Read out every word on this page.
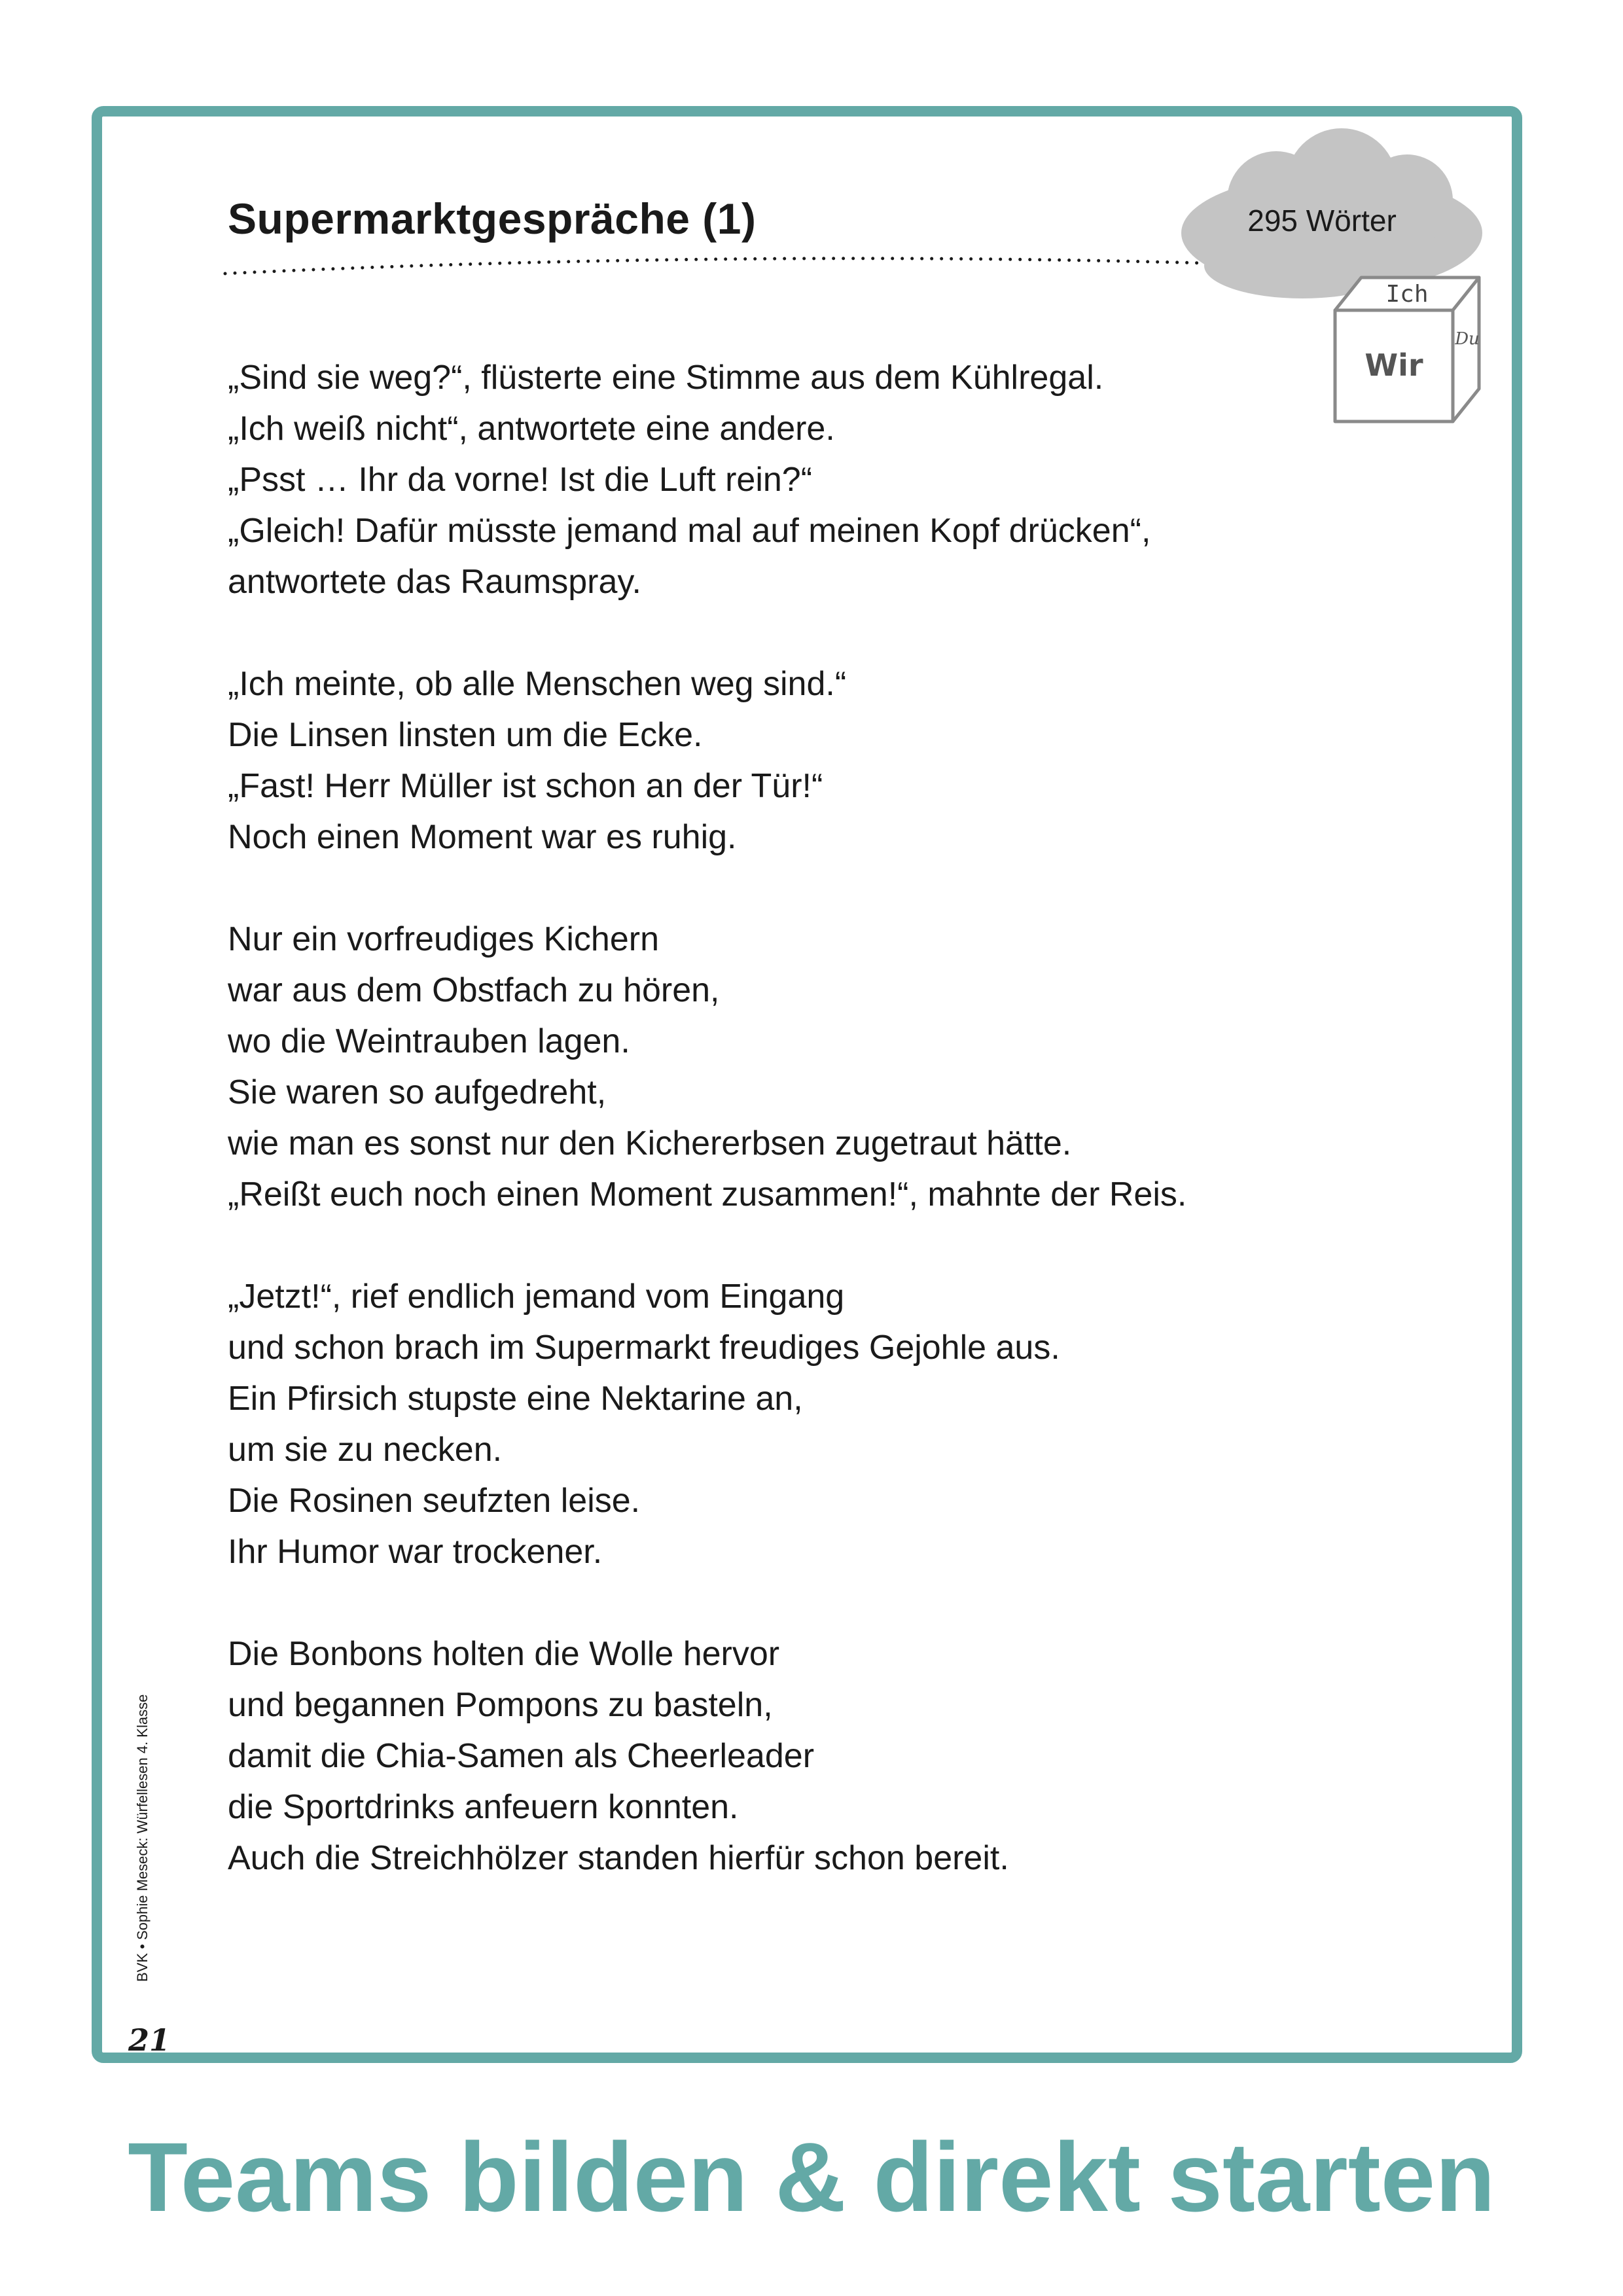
Supermarktgespräche (1)	295 Wörter
Ich
Wir
Du
„Sind sie weg?“, flüsterte eine Stimme aus dem Kühlregal.
„Ich weiß nicht“, antwortete eine andere.
„Psst … Ihr da vorne! Ist die Luft rein?“
„Gleich! Dafür müsste jemand mal auf meinen Kopf drücken“,
antwortete das Raumspray.
„Ich meinte, ob alle Menschen weg sind.“
Die Linsen linsten um die Ecke.
„Fast! Herr Müller ist schon an der Tür!“
Noch einen Moment war es ruhig.
Nur ein vorfreudiges Kichern
war aus dem Obstfach zu hören,
wo die Weintrauben lagen.
Sie waren so aufgedreht,
wie man es sonst nur den Kichererbsen zugetraut hätte.
„Reißt euch noch einen Moment zusammen!“, mahnte der Reis.
„Jetzt!“, rief endlich jemand vom Eingang
und schon brach im Supermarkt freudiges Gejohle aus.
Ein Pfirsich stupste eine Nektarine an,
um sie zu necken.
Die Rosinen seufzten leise.
Ihr Humor war trockener.
Die Bonbons holten die Wolle hervor
und begannen Pompons zu basteln,
damit die Chia-Samen als Cheerleader
die Sportdrinks anfeuern konnten.
Auch die Streichhölzer standen hierfür schon bereit.
BVK • Sophie Meseck: Würfellesen 4. Klasse
21
Teams bilden & direkt starten
